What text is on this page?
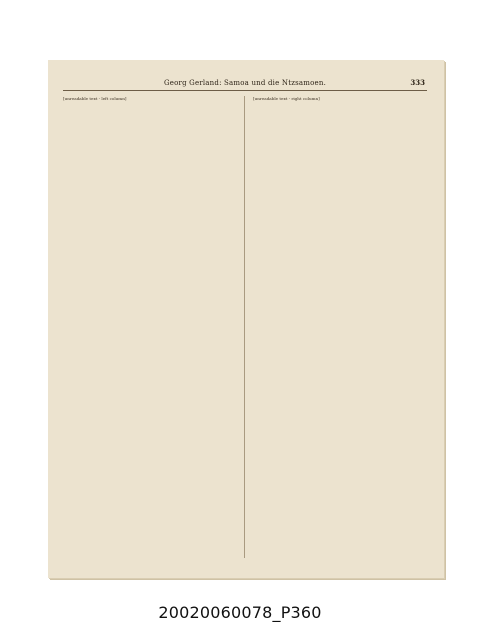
Georg Gerland: Samoa und die Ntzsamoen.	333

[unreadable text - left column]	[unreadable text - right column]

20020060078_P360
